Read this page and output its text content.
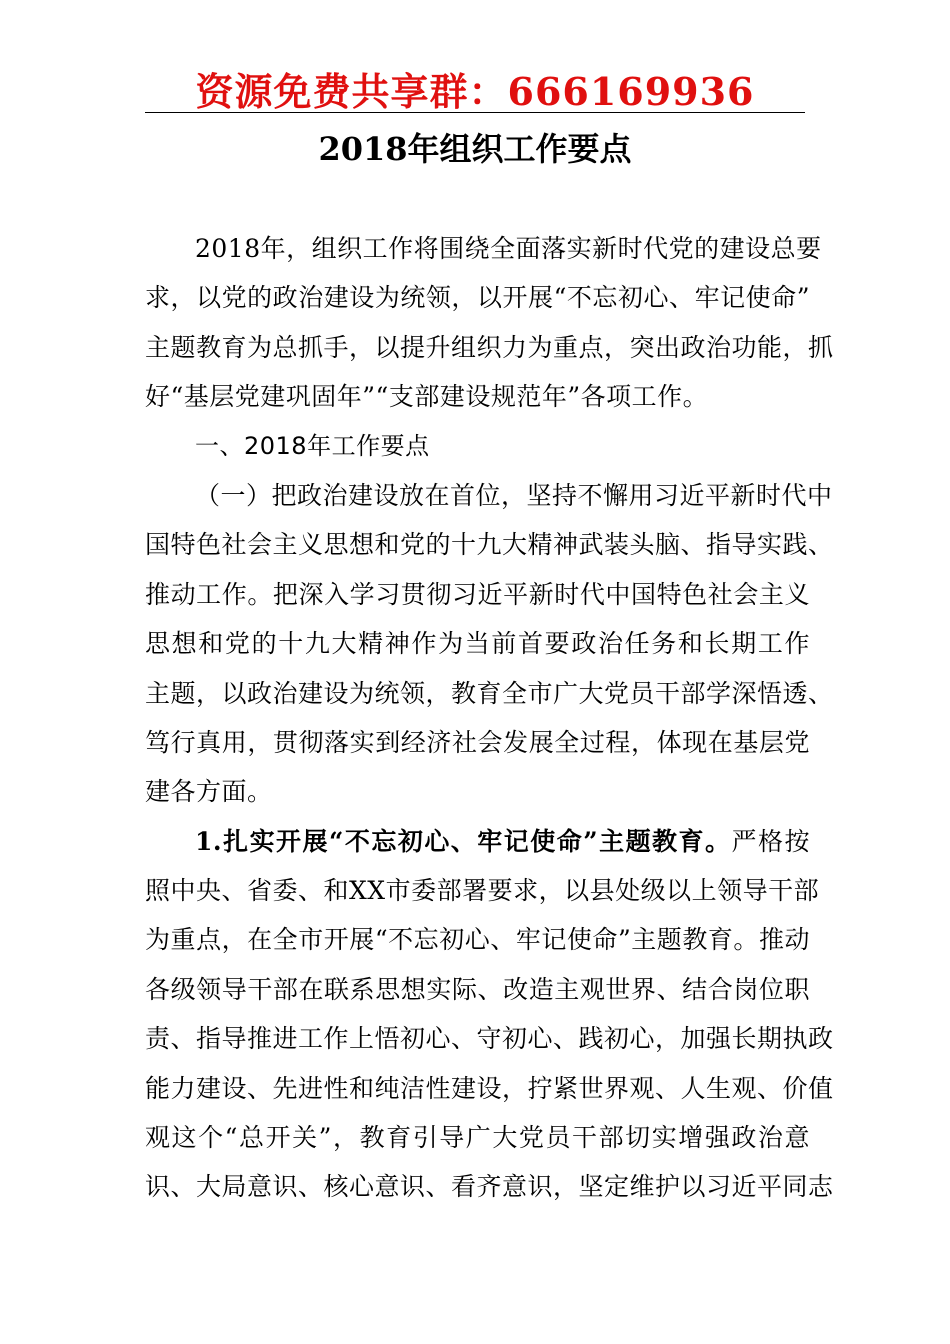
资源免费共享群：666169936
2018年组织工作要点
2018年，组织工作将围绕全面落实新时代党的建设总要
求，以党的政治建设为统领，以开展“不忘初心、牢记使命”
主题教育为总抓手，以提升组织力为重点，突出政治功能，抓
好“基层党建巩固年”“支部建设规范年”各项工作。
一、2018年工作要点
（一）把政治建设放在首位，坚持不懈用习近平新时代中
国特色社会主义思想和党的十九大精神武装头脑、指导实践、
推动工作。把深入学习贯彻习近平新时代中国特色社会主义
思想和党的十九大精神作为当前首要政治任务和长期工作
主题，以政治建设为统领，教育全市广大党员干部学深悟透、
笃行真用，贯彻落实到经济社会发展全过程，体现在基层党
建各方面。
1.扎实开展“不忘初心、牢记使命”主题教育。严格按
照中央、省委、和XX市委部署要求，以县处级以上领导干部
为重点，在全市开展“不忘初心、牢记使命”主题教育。推动
各级领导干部在联系思想实际、改造主观世界、结合岗位职
责、指导推进工作上悟初心、守初心、践初心，加强长期执政
能力建设、先进性和纯洁性建设，拧紧世界观、人生观、价值
观这个“总开关”，教育引导广大党员干部切实增强政治意
识、大局意识、核心意识、看齐意识，坚定维护以习近平同志
